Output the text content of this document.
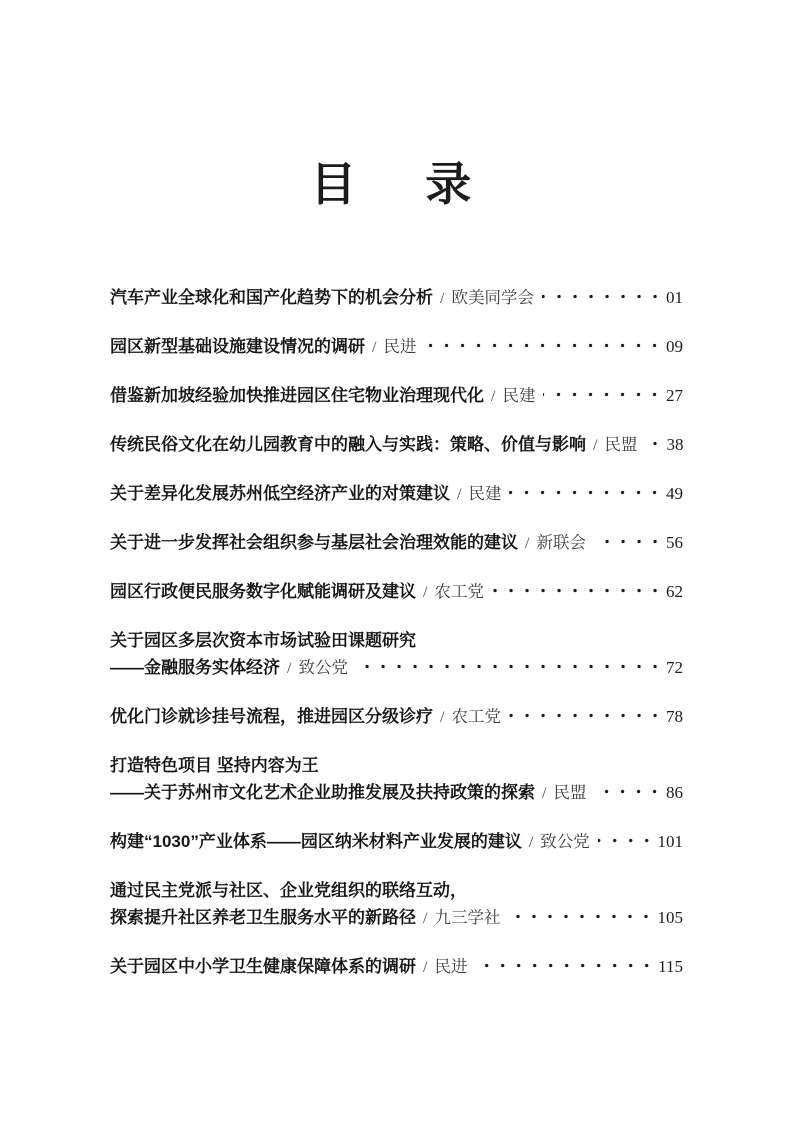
目　录
汽车产业全球化和国产化趋势下的机会分析 / 欧美同学会	01
园区新型基础设施建设情况的调研 / 民进	09
借鉴新加坡经验加快推进园区住宅物业治理现代化 / 民建	27
传统民俗文化在幼儿园教育中的融入与实践：策略、价值与影响 / 民盟 38
关于差异化发展苏州低空经济产业的对策建议 / 民建	49
关于进一步发挥社会组织参与基层社会治理效能的建议 / 新联会	56
园区行政便民服务数字化赋能调研及建议 / 农工党	62
关于园区多层次资本市场试验田课题研究
——金融服务实体经济 / 致公党	72
优化门诊就诊挂号流程，推进园区分级诊疗 / 农工党	78
打造特色项目 坚持内容为王
——关于苏州市文化艺术企业助推发展及扶持政策的探索 / 民盟	86
构建“1030”产业体系——园区纳米材料产业发展的建议 / 致公党	101
通过民主党派与社区、企业党组织的联络互动，
探索提升社区养老卫生服务水平的新路径 / 九三学社	105
关于园区中小学卫生健康保障体系的调研 / 民进	115
